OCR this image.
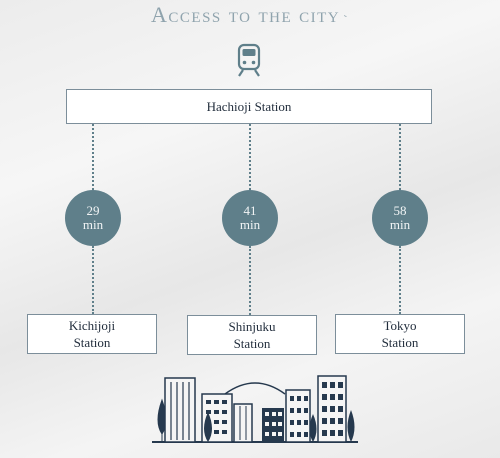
Access to the city ˞
Hachioji Station
29
min
41
min
58
min
Kichijoji
Station
Shinjuku
Station
Tokyo
Station
